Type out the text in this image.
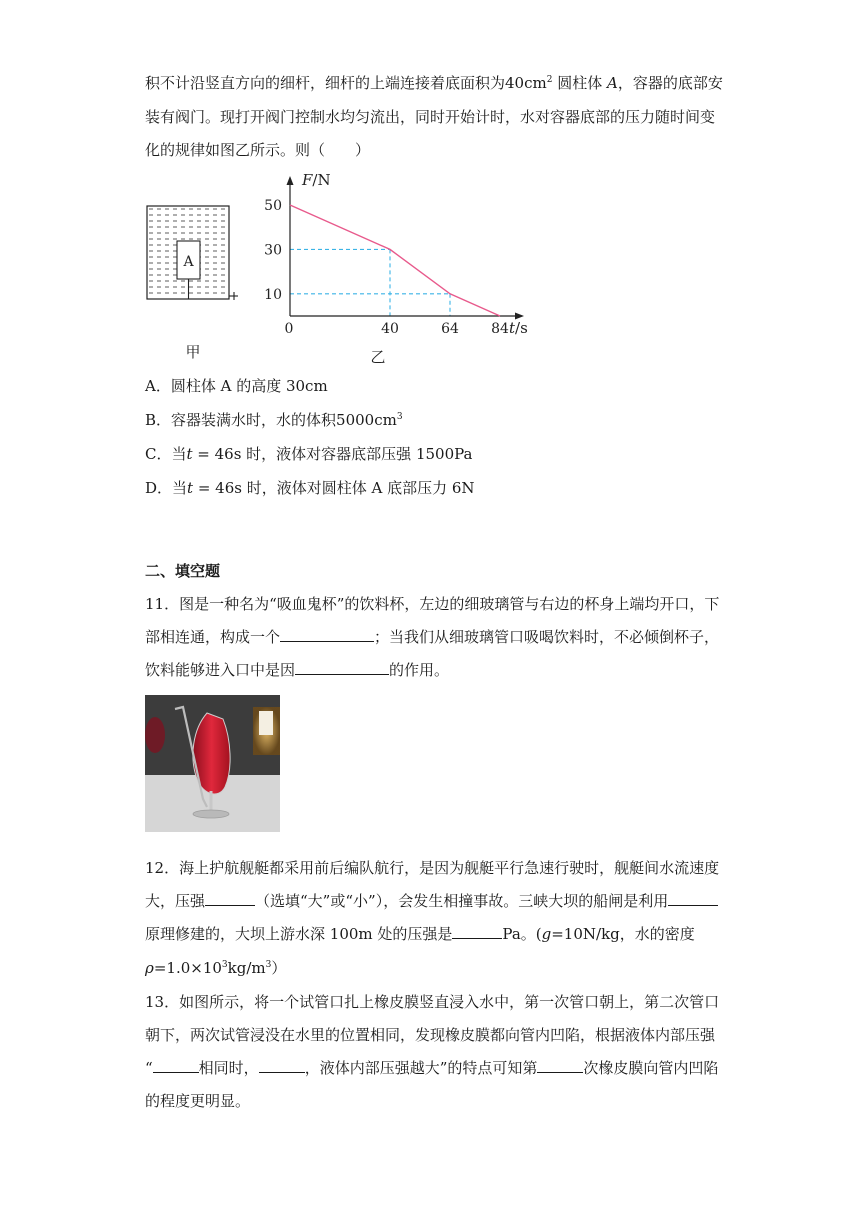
积不计沿竖直方向的细杆，细杆的上端连接着底面积为$40cm^2$ 圆柱体 A，容器的底部安
装有阀门。现打开阀门控制水均匀流出，同时开始计时，水对容器底部的压力随时间变
化的规律如图乙所示。则（　　）
A
甲
F/N
t/s
50
30
10
0	40	64 84
乙
A．圆柱体 A 的高度 30cm
B．容器装满水时，水的体积$5000cm^3$
C．当t = 46s 时，液体对容器底部压强 1500Pa
D．当t = 46s 时，液体对圆柱体 A 底部压力 6N
二、填空题
11．图是一种名为“吸血鬼杯”的饮料杯，左边的细玻璃管与右边的杯身上端均开口，下
部相连通，构成一个	；当我们从细玻璃管口吸喝饮料时，不必倾倒杯子，
饮料能够进入口中是因	的作用。
12．海上护航舰艇都采用前后编队航行，是因为舰艇平行急速行驶时，舰艇间水流速度
大，压强	（选填“大”或“小”），会发生相撞事故。三峡大坝的船闸是利用
原理修建的，大坝上游水深 100m 处的压强是	Pa。(g=10N/kg，水的密度
$\rho=1.0\times 10^3kg/m^3$）
13．如图所示，将一个试管口扎上橡皮膜竖直浸入水中，第一次管口朝上，第二次管口
朝下，两次试管浸没在水里的位置相同，发现橡皮膜都向管内凹陷，根据液体内部压强
“	相同时，	，液体内部压强越大”的特点可知第	次橡皮膜向管内凹陷
的程度更明显。
